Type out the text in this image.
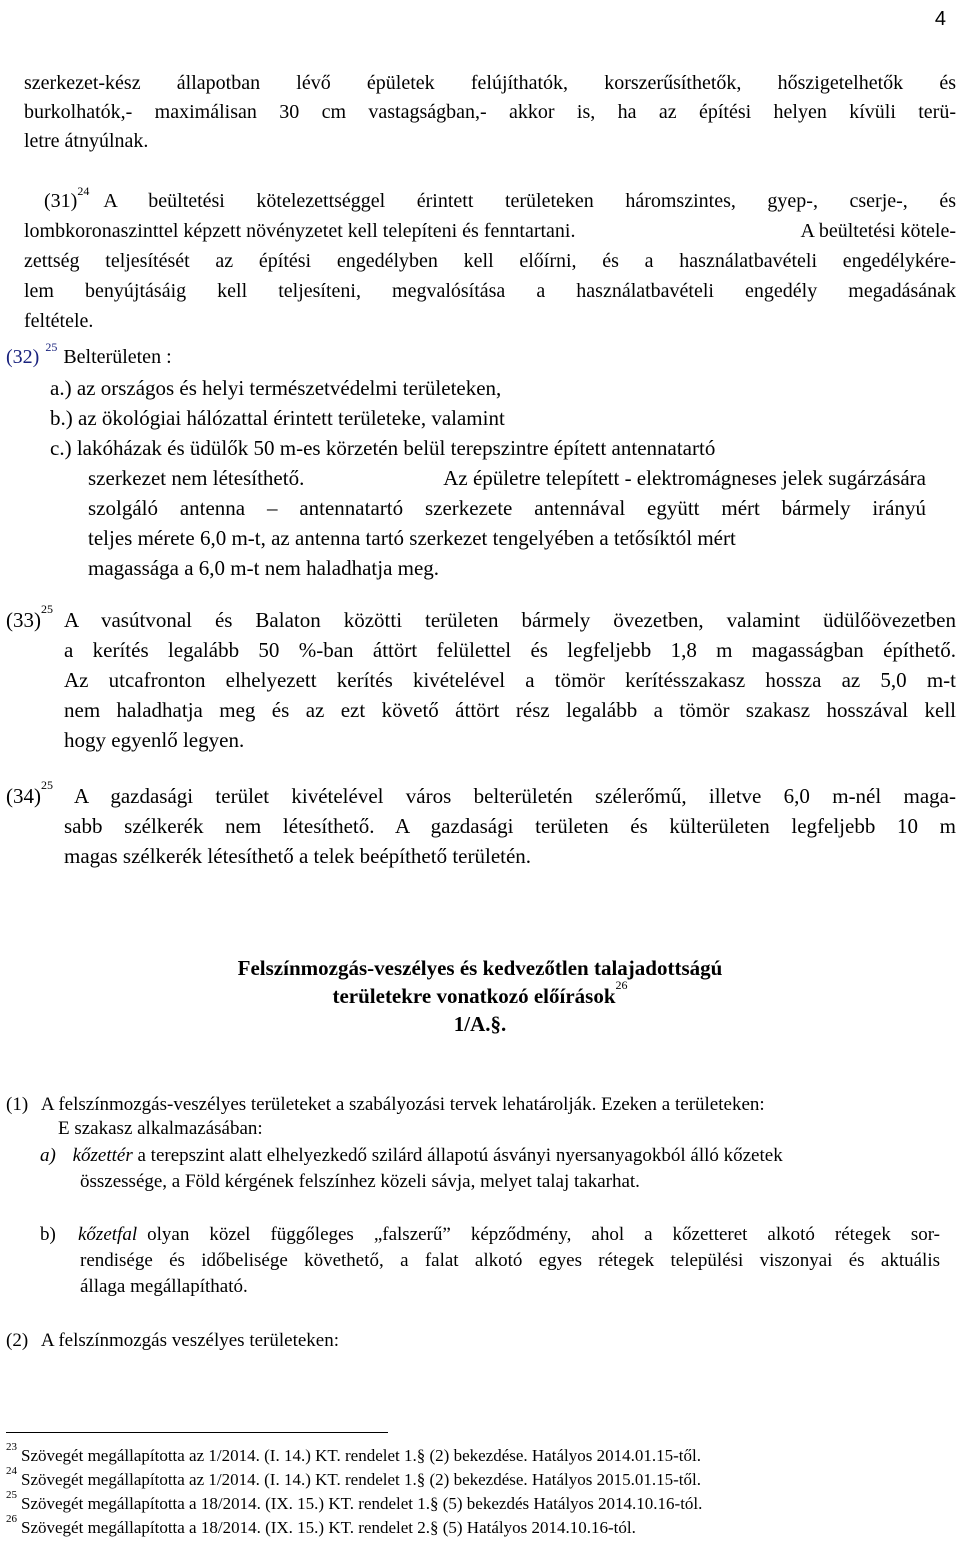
4
szerkezet-kész állapotban lévő épületek felújíthatók, korszerűsíthetők, hőszigetelhetők és
burkolhatók,- maximálisan 30 cm vastagságban,- akkor is, ha az építési helyen kívüli terü-
letre átnyúlnak.
$(31)^{24}$ A beültetési kötelezettséggel érintett területeken háromszintes, gyep-, cserje-, és
lombkoronaszinttel képzett növényzetet kell telepíteni és fenntartani.	A beültetési kötele-
zettség teljesítését az építési engedélyben kell előírni, és a használatbavételi engedélykére-
lem benyújtásáig kell teljesíteni, megvalósítása a használatbavételi engedély megadásának
feltétele.
(32) $^{25}$ Belterületen :
a.) az országos és helyi természetvédelmi területeken,
b.) az ökológiai hálózattal érintett területeke, valamint
c.) lakóházak és üdülők 50 m-es körzetén belül terepszintre épített antennatartó
szerkezet nem létesíthető.	Az épületre telepített - elektromágneses jelek sugárzására
szolgáló antenna – antennatartó szerkezete antennával együtt mért bármely irányú
teljes mérete 6,0 m-t, az antenna tartó szerkezet tengelyében a tetősíktól mért
magassága a 6,0 m-t nem haladhatja meg.
$(33)^{25}$ A vasútvonal és Balaton közötti területen bármely övezetben, valamint üdülőövezetben
a kerítés legalább 50 %-ban áttört felülettel és legfeljebb 1,8 m magasságban építhető.
Az utcafronton elhelyezett kerítés kivételével a tömör kerítésszakasz hossza az 5,0 m-t
nem haladhatja meg és az ezt követő áttört rész legalább a tömör szakasz hosszával kell
hogy egyenlő legyen.
$(34)^{25}$	A gazdasági terület kivételével város belterületén szélerőmű, illetve 6,0 m-nél maga-
sabb szélkerék nem létesíthető. A gazdasági területen és külterületen legfeljebb 10 m
magas szélkerék létesíthető a telek beépíthető területén.
Felszínmozgás-veszélyes és kedvezőtlen talajadottságú
területekre vonatkozó előírások$^{26}$
1/A.§.
(1) A felszínmozgás-veszélyes területeket a szabályozási tervek lehatárolják. Ezeken a területeken:
E szakasz alkalmazásában:
a) kőzettér a terepszint alatt elhelyezkedő szilárd állapotú ásványi nyersanyagokból álló kőzetek
összessége, a Föld kérgének felszínhez közeli sávja, melyet talaj takarhat.
b)	kőzetfal olyan közel függőleges „falszerű” képződmény, ahol a kőzetteret alkotó rétegek sor-
rendisége és időbelisége követhető, a falat alkotó egyes rétegek települési viszonyai és aktuális
állaga megállapítható.
(2) A felszínmozgás veszélyes területeken:
$^{23}$ Szövegét megállapította az 1/2014. (I. 14.) KT. rendelet 1.§ (2) bekezdése. Hatályos 2014.01.15-től.
$^{24}$ Szövegét megállapította az 1/2014. (I. 14.) KT. rendelet 1.§ (2) bekezdése. Hatályos 2015.01.15-től.
$^{25}$ Szövegét megállapította a 18/2014. (IX. 15.) KT. rendelet 1.§ (5) bekezdés Hatályos 2014.10.16-tól.
$^{26}$ Szövegét megállapította a 18/2014. (IX. 15.) KT. rendelet 2.§ (5) Hatályos 2014.10.16-tól.
